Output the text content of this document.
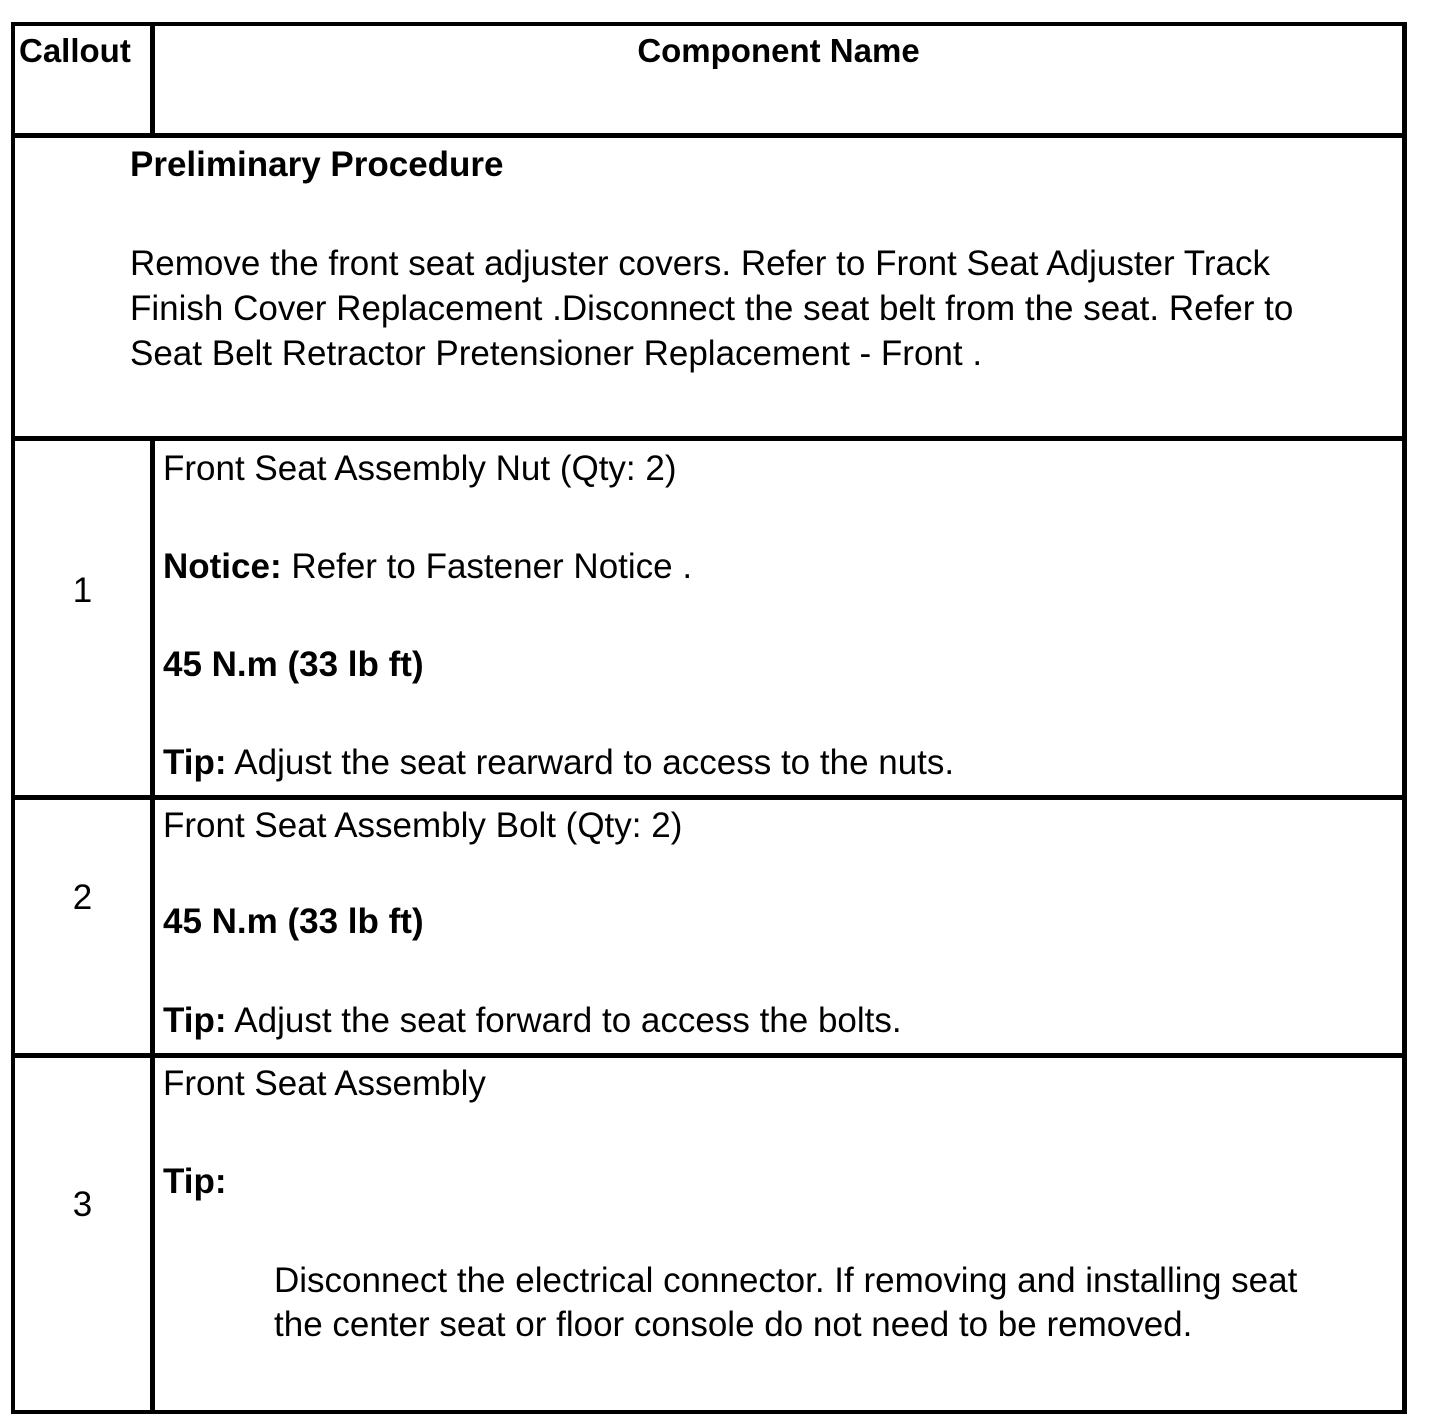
Callout	Component Name
Preliminary Procedure
Remove the front seat adjuster covers. Refer to Front Seat Adjuster Track
Finish Cover Replacement .Disconnect the seat belt from the seat. Refer to
Seat Belt Retractor Pretensioner Replacement - Front .
1
Front Seat Assembly Nut (Qty: 2)
Notice: Refer to Fastener Notice .
45 N.m (33 lb ft)
Tip: Adjust the seat rearward to access to the nuts.
2
Front Seat Assembly Bolt (Qty: 2)
45 N.m (33 lb ft)
Tip: Adjust the seat forward to access the bolts.
3
Front Seat Assembly
Tip:
Disconnect the electrical connector. If removing and installing seat
the center seat or floor console do not need to be removed.
